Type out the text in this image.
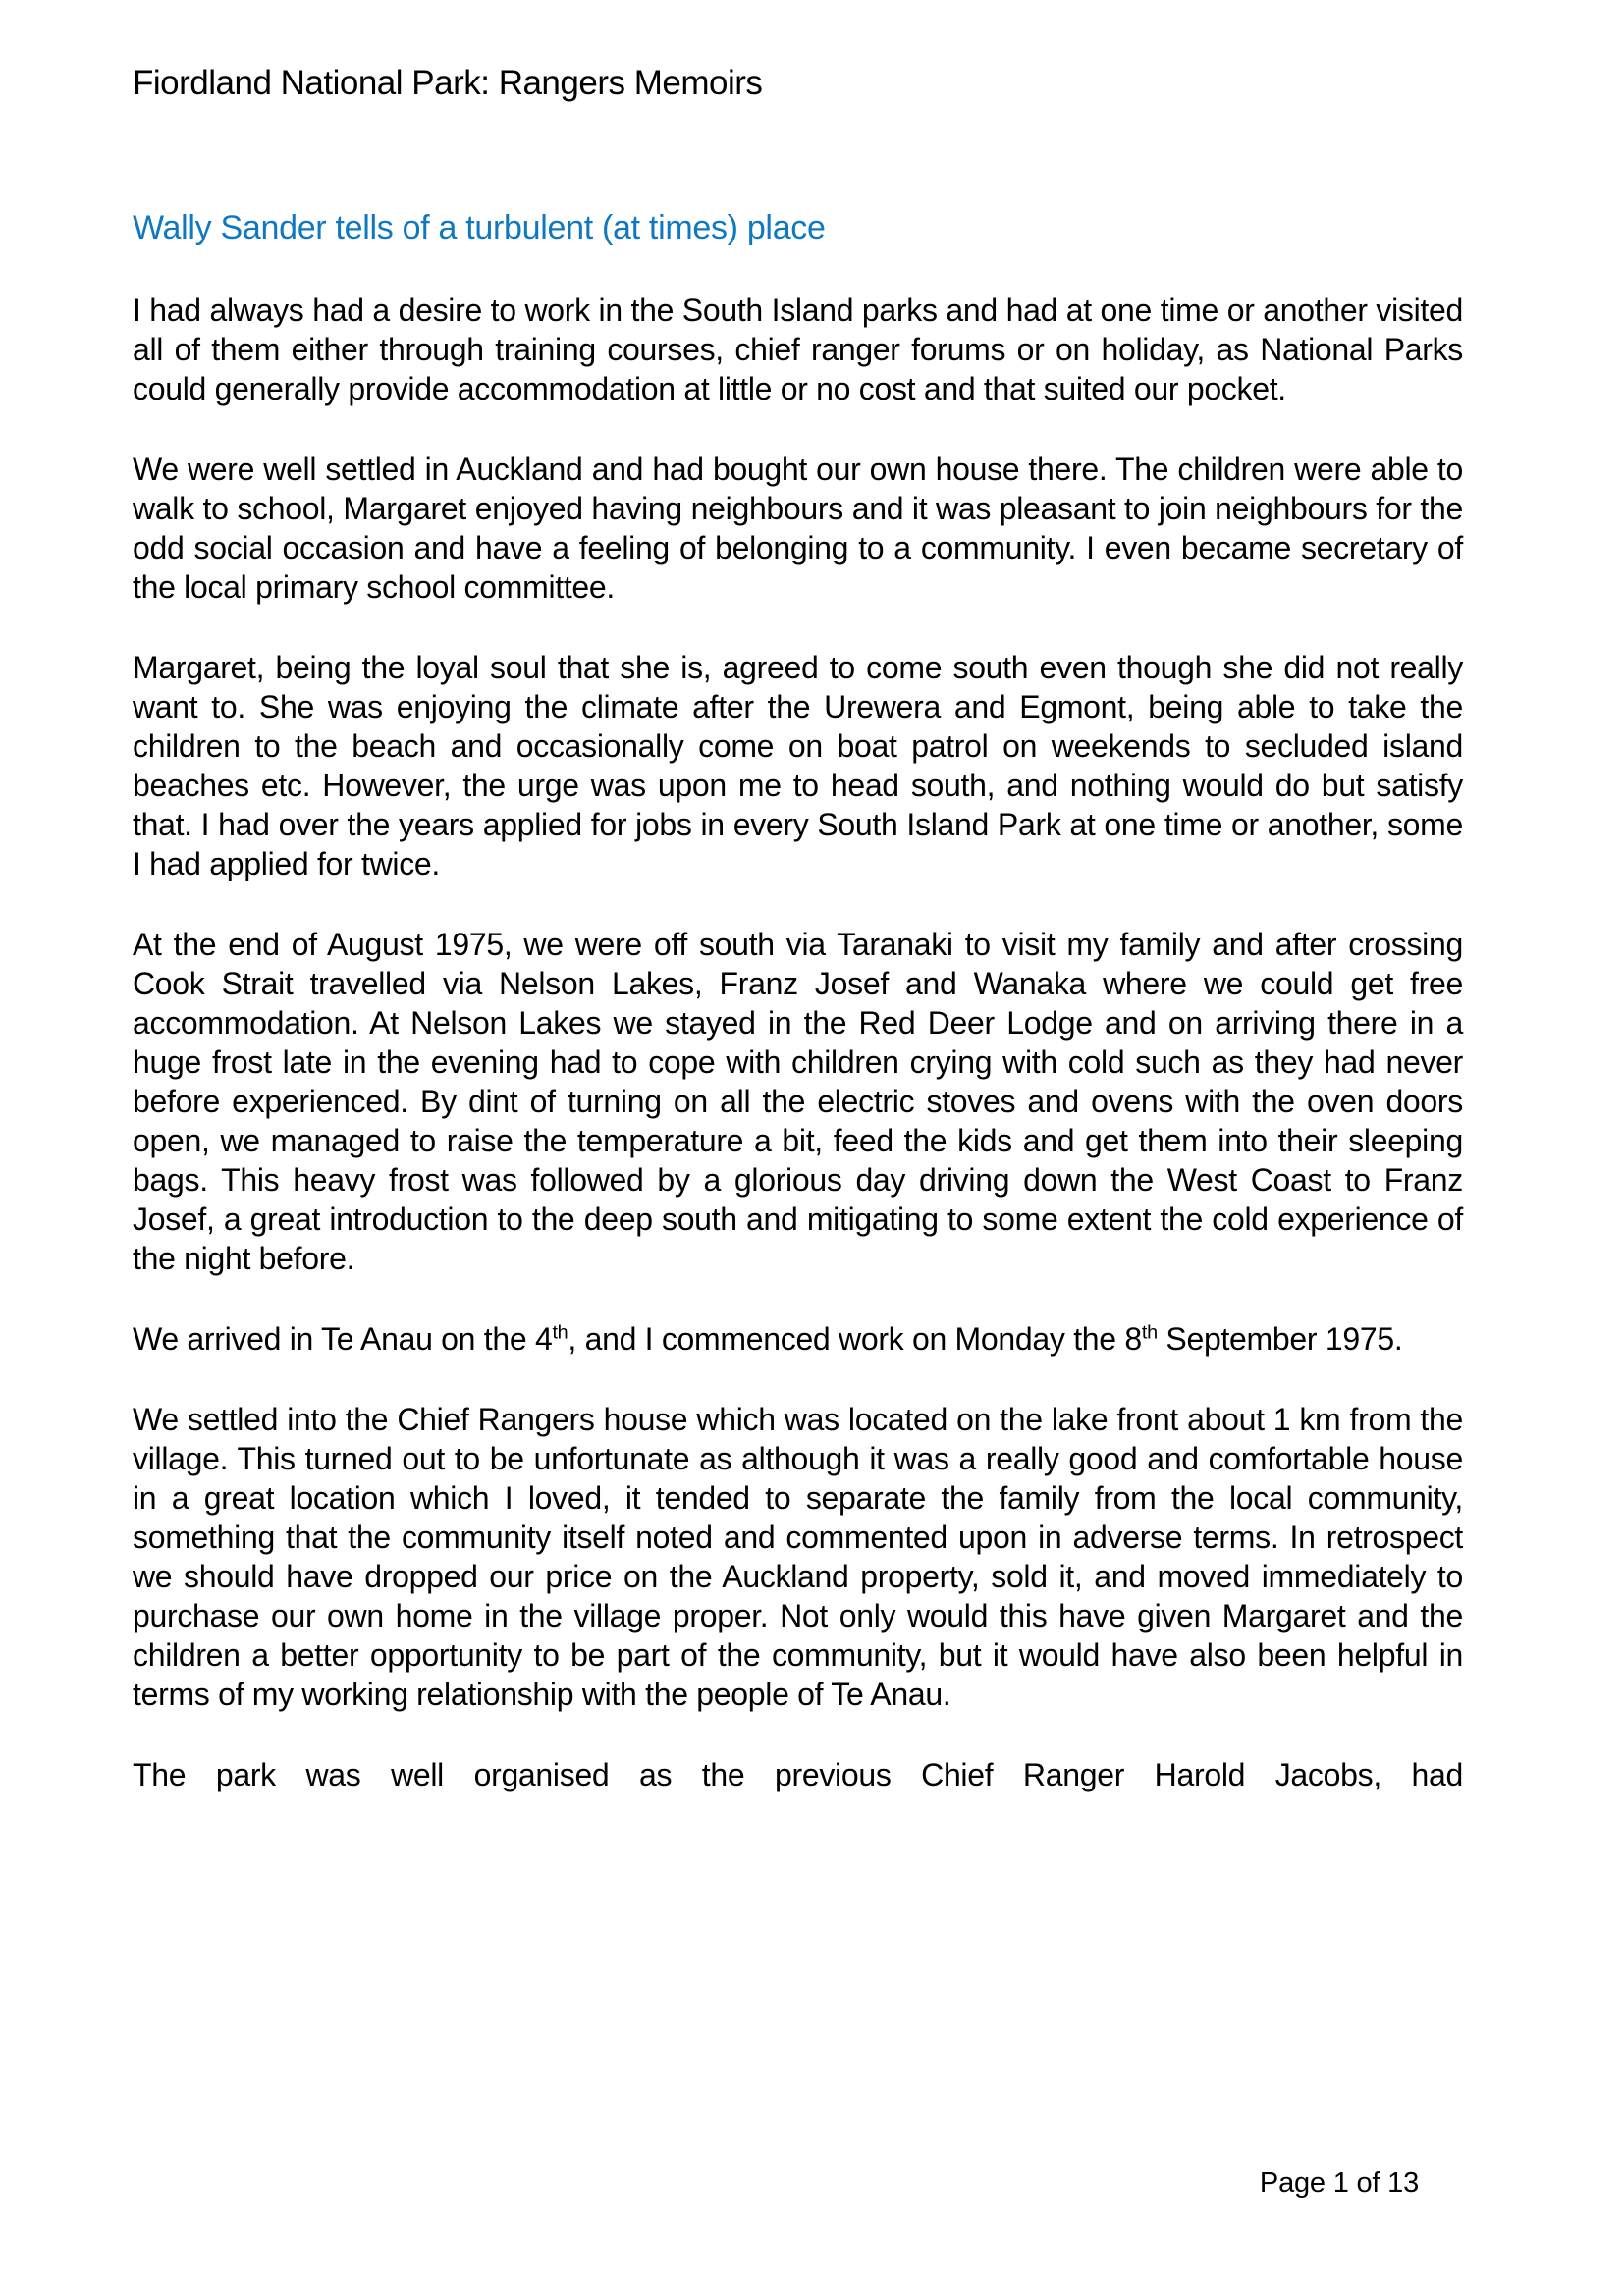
Fiordland National Park: Rangers Memoirs
Wally Sander tells of a turbulent (at times) place

I had always had a desire to work in the South Island parks and had at one time or another visited all of them either through training courses, chief ranger forums or on holiday, as National Parks could generally provide accommodation at little or no cost and that suited our pocket.

We were well settled in Auckland and had bought our own house there. The children were able to walk to school, Margaret enjoyed having neighbours and it was pleasant to join neighbours for the odd social occasion and have a feeling of belonging to a community. I even became secretary of the local primary school committee.

Margaret, being the loyal soul that she is, agreed to come south even though she did not really want to. She was enjoying the climate after the Urewera and Egmont, being able to take the children to the beach and occasionally come on boat patrol on weekends to secluded island beaches etc. However, the urge was upon me to head south, and nothing would do but satisfy that. I had over the years applied for jobs in every South Island Park at one time or another, some I had applied for twice.

At the end of August 1975, we were off south via Taranaki to visit my family and after crossing Cook Strait travelled via Nelson Lakes, Franz Josef and Wanaka where we could get free accommodation. At Nelson Lakes we stayed in the Red Deer Lodge and on arriving there in a huge frost late in the evening had to cope with children crying with cold such as they had never before experienced. By dint of turning on all the electric stoves and ovens with the oven doors open, we managed to raise the temperature a bit, feed the kids and get them into their sleeping bags. This heavy frost was followed by a glorious day driving down the West Coast to Franz Josef, a great introduction to the deep south and mitigating to some extent the cold experience of the night before.

We arrived in Te Anau on the 4th, and I commenced work on Monday the 8th September 1975.

We settled into the Chief Rangers house which was located on the lake front about 1 km from the village. This turned out to be unfortunate as although it was a really good and comfortable house in a great location which I loved, it tended to separate the family from the local community, something that the community itself noted and commented upon in adverse terms. In retrospect we should have dropped our price on the Auckland property, sold it, and moved immediately to purchase our own home in the village proper. Not only would this have given Margaret and the children a better opportunity to be part of the community, but it would have also been helpful in terms of my working relationship with the people of Te Anau.

The park was well organised as the previous Chief Ranger Harold Jacobs, had

Page 1 of 13
